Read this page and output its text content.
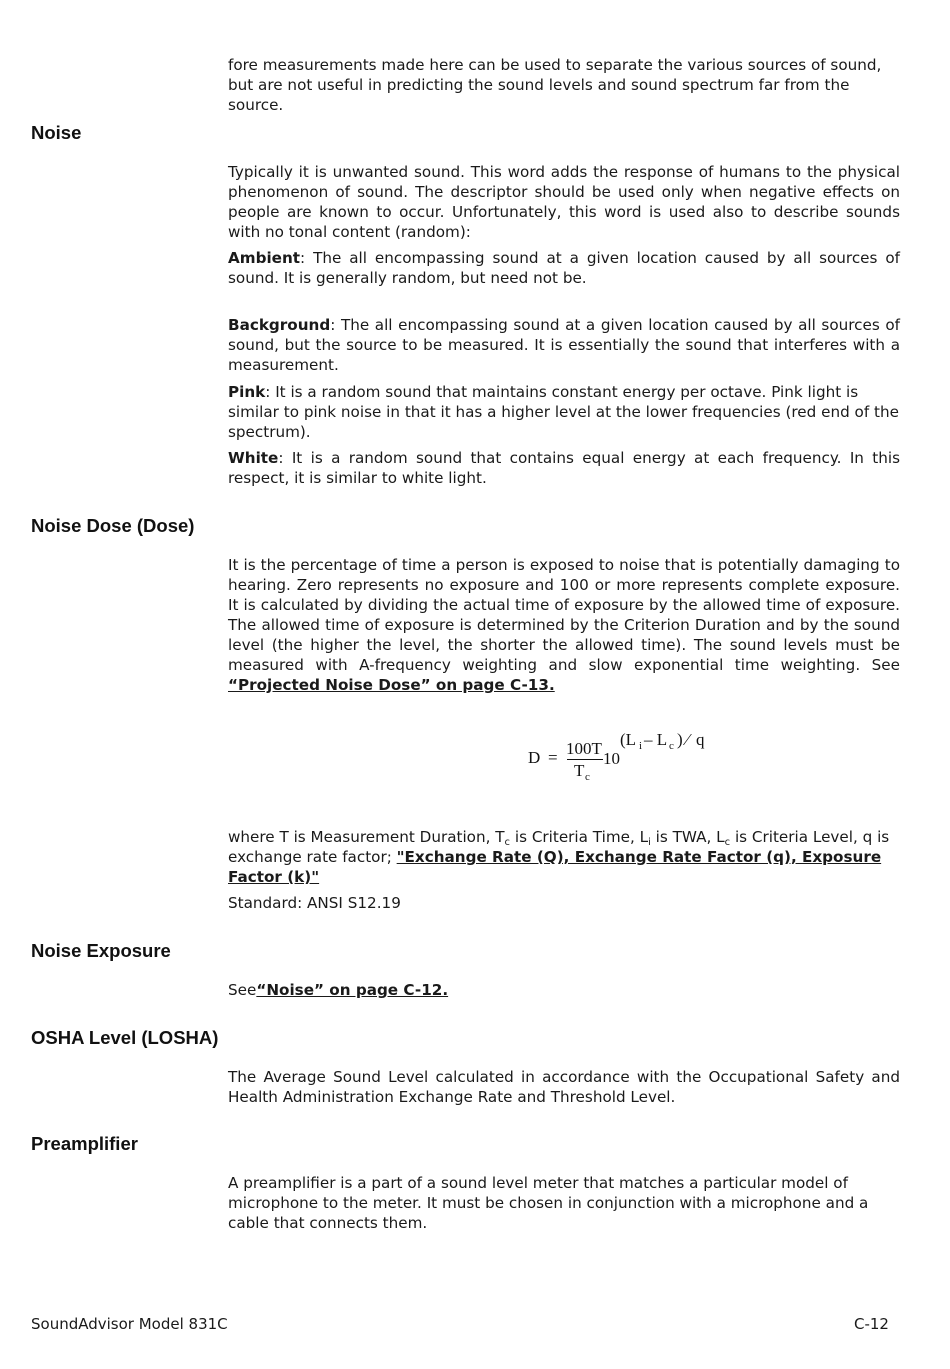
fore measurements made here can be used to separate the various sources of sound, but are not useful in predicting the sound levels and sound spectrum far from the source.

Noise

Typically it is unwanted sound. This word adds the response of humans to the physical phenomenon of sound. The descriptor should be used only when negative effects on people are known to occur. Unfortunately, this word is used also to describe sounds with no tonal content (random):

Ambient: The all encompassing sound at a given location caused by all sources of sound. It is generally random, but need not be.

Background: The all encompassing sound at a given location caused by all sources of sound, but the source to be measured. It is essentially the sound that interferes with a measurement.

Pink: It is a random sound that maintains constant energy per octave. Pink light is similar to pink noise in that it has a higher level at the lower frequencies (red end of the spectrum).

White: It is a random sound that contains equal energy at each frequency. In this respect, it is similar to white light.

Noise Dose (Dose)

It is the percentage of time a person is exposed to noise that is potentially damaging to hearing. Zero represents no exposure and 100 or more represents complete exposure. It is calculated by dividing the actual time of exposure by the allowed time of exposure. The allowed time of exposure is determined by the Criterion Duration and by the sound level (the higher the level, the shorter the allowed time). The sound levels must be measured with A-frequency weighting and slow exponential time weighting. See “Projected Noise Dose” on page C-13.

D = 100T
T c
10
(L i – L c ) ⁄ q

where T is Measurement Duration, $T_c$ is Criteria Time, $L_i$ is TWA, $L_c$ is Criteria Level, q is exchange rate factor; "Exchange Rate (Q), Exchange Rate Factor (q), Exposure Factor (k)"

Standard: ANSI S12.19

Noise Exposure

See“Noise” on page C-12.

OSHA Level (LOSHA)

The Average Sound Level calculated in accordance with the Occupational Safety and Health Administration Exchange Rate and Threshold Level.

Preamplifier

A preamplifier is a part of a sound level meter that matches a particular model of microphone to the meter. It must be chosen in conjunction with a microphone and a cable that connects them.

SoundAdvisor Model 831C	C-12
